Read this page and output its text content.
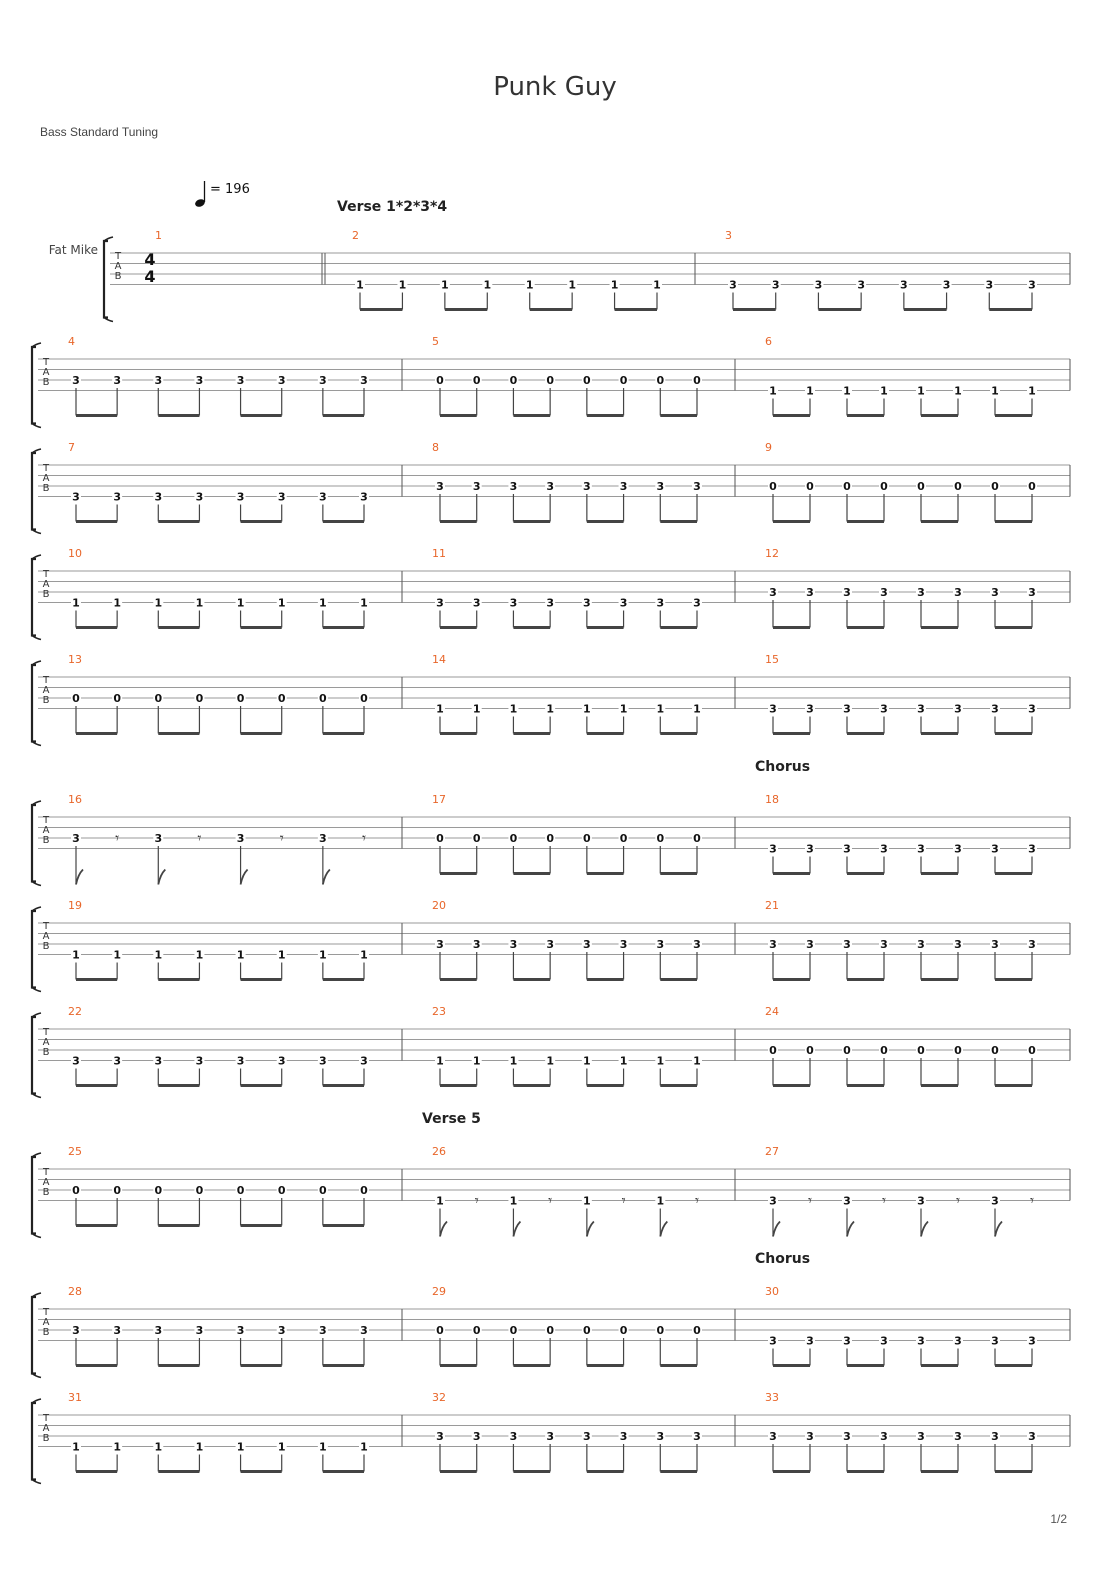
Punk Guy
Bass Standard Tuning
1/2
= 196
T
A
B
Fat Mike	4
4
1	2
Verse 1*2*3*4
1	1	1	1	1	1	1	1
3
3	3	3	3	3	3	3	3
T
A
B
4
3	3	3	3	3	3	3	3
5
0	0	0	0	0	0	0	0
6
1	1	1	1	1	1	1	1
T
A
B
7
3	3	3	3	3	3	3	3
8
3	3	3	3	3	3	3	3
9
0	0	0	0	0	0	0	0
T
A
B
10
1	1	1	1	1	1	1	1
11
3	3	3	3	3	3	3	3
12
3	3	3	3	3	3	3	3
T
A
B
13
0	0	0	0	0	0	0	0
14
1	1	1	1	1	1	1	1
15
3	3	3	3	3	3	3	3
T
A
B
16
3 𝄾	3 𝄾	3 𝄾	3 𝄾
17
0	0	0	0	0	0	0	0
18
Chorus
3	3	3	3	3	3	3	3
T
A
B
19
1	1	1	1	1	1	1	1
20
3	3	3	3	3	3	3	3
21
3	3	3	3	3	3	3	3
T
A
B
22
3	3	3	3	3	3	3	3
23
1	1	1	1	1	1	1	1
24
0	0	0	0	0	0	0	0
T
A
B
25
0	0	0	0	0	0	0	0
26
Verse 5
1 𝄾	1 𝄾	1 𝄾	1 𝄾
27
3 𝄾	3 𝄾	3 𝄾	3 𝄾
T
A
B
28
3	3	3	3	3	3	3	3
29
0	0	0	0	0	0	0	0
30
Chorus
3	3	3	3	3	3	3	3
T
A
B
31
1	1	1	1	1	1	1	1
32
3	3	3	3	3	3	3	3
33
3	3	3	3	3	3	3	3
